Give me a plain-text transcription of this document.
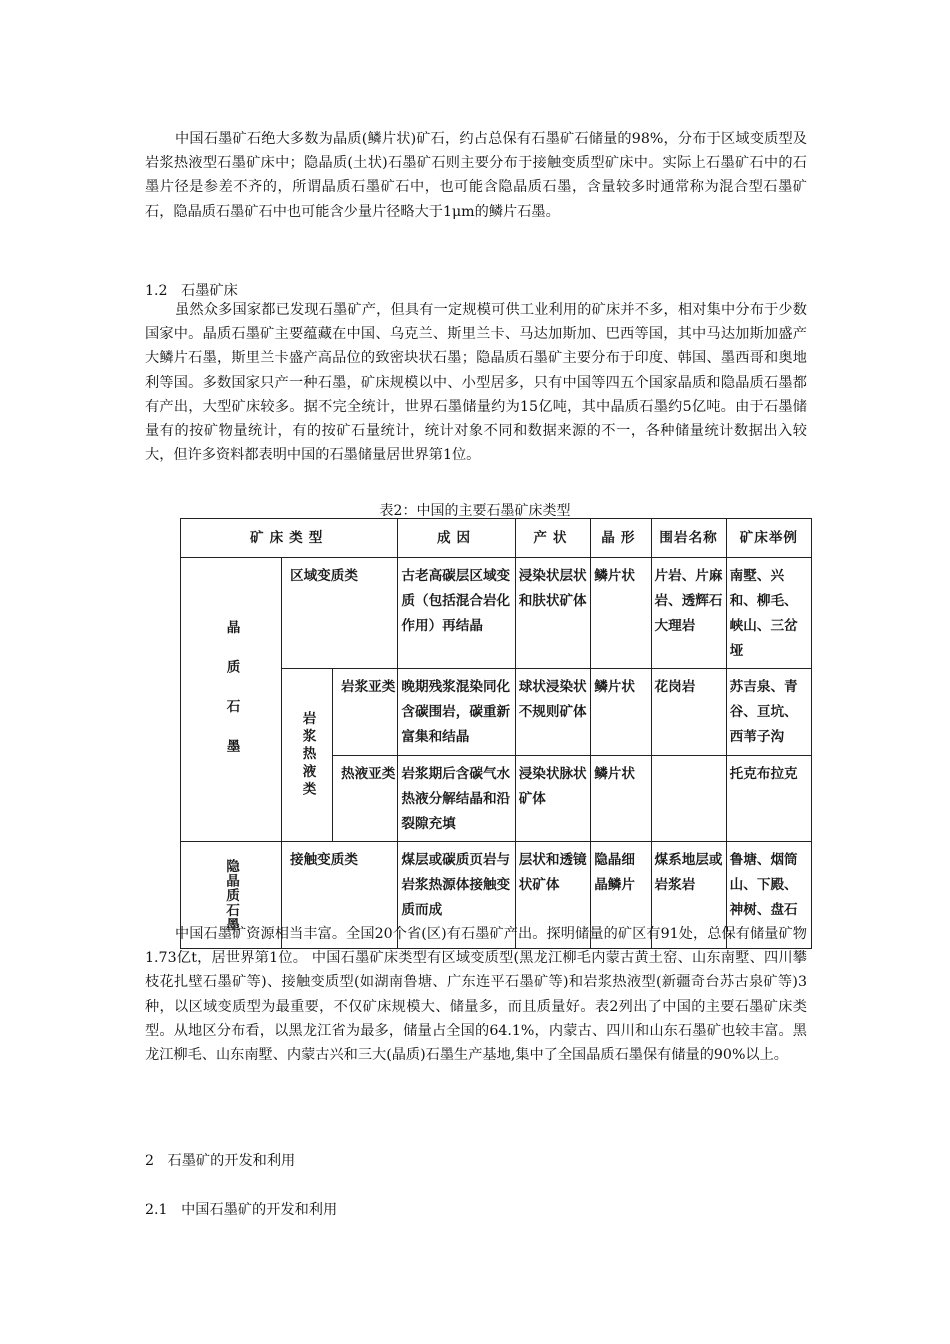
中国石墨矿石绝大多数为晶质(鳞片状)矿石，约占总保有石墨矿石储量的98%，分布于区域变质型及岩浆热液型石墨矿床中；隐晶质(土状)石墨矿石则主要分布于接触变质型矿床中。实际上石墨矿石中的石墨片径是参差不齐的，所谓晶质石墨矿石中，也可能含隐晶质石墨，含量较多时通常称为混合型石墨矿石，隐晶质石墨矿石中也可能含少量片径略大于1μm的鳞片石墨。

1.2   石墨矿床

虽然众多国家都已发现石墨矿产，但具有一定规模可供工业利用的矿床并不多，相对集中分布于少数国家中。晶质石墨矿主要蕴藏在中国、乌克兰、斯里兰卡、马达加斯加、巴西等国，其中马达加斯加盛产大鳞片石墨，斯里兰卡盛产高品位的致密块状石墨；隐晶质石墨矿主要分布于印度、韩国、墨西哥和奥地利等国。多数国家只产一种石墨，矿床规模以中、小型居多，只有中国等四五个国家晶质和隐晶质石墨都有产出，大型矿床较多。据不完全统计，世界石墨储量约为15亿吨，其中晶质石墨约5亿吨。由于石墨储量有的按矿物量统计，有的按矿石量统计，统计对象不同和数据来源的不一，各种储量统计数据出入较大，但许多资料都表明中国的石墨储量居世界第1位。

表2：中国的主要石墨矿床类型

矿床类型			成因	产状	晶形	围岩名称	矿床举例
晶质石墨	区域变质类		古老高碳层区域变质（包括混合岩化作用）再结晶	浸染状层状和肤状矿体	鳞片状	片岩、片麻岩、透辉石大理岩	南墅、兴和、柳毛、峡山、三岔垭
	岩浆热液类	岩浆亚类	晚期残浆混染同化含碳围岩，碳重新富集和结晶	球状浸染状不规则矿体	鳞片状	花岗岩	苏吉泉、青谷、亘坑、西苇子沟
		热液亚类	岩浆期后含碳气水热液分解结晶和沿裂隙充填	浸染状脉状矿体	鳞片状		托克布拉克
隐晶质石墨	接触变质类		煤层或碳质页岩与岩浆热源体接触变质而成	层状和透镜状矿体	隐晶细晶鳞片	煤系地层或岩浆岩	鲁塘、烟筒山、下殿、神树、盘石

中国石墨矿资源相当丰富。全国20个省(区)有石墨矿产出。探明储量的矿区有91处，总保有储量矿物1.73亿t，居世界第1位。 中国石墨矿床类型有区域变质型(黑龙江柳毛内蒙古黄土窑、山东南墅、四川攀枝花扎壁石墨矿等)、接触变质型(如湖南鲁塘、广东连平石墨矿等)和岩浆热液型(新疆奇台苏古泉矿等)3种，以区域变质型为最重要，不仅矿床规模大、储量多，而且质量好。表2列出了中国的主要石墨矿床类型。从地区分布看，以黑龙江省为最多，储量占全国的64.1%，内蒙古、四川和山东石墨矿也较丰富。黑龙江柳毛、山东南墅、内蒙古兴和三大(晶质)石墨生产基地,集中了全国晶质石墨保有储量的90%以上。

2   石墨矿的开发和利用

2.1   中国石墨矿的开发和利用
